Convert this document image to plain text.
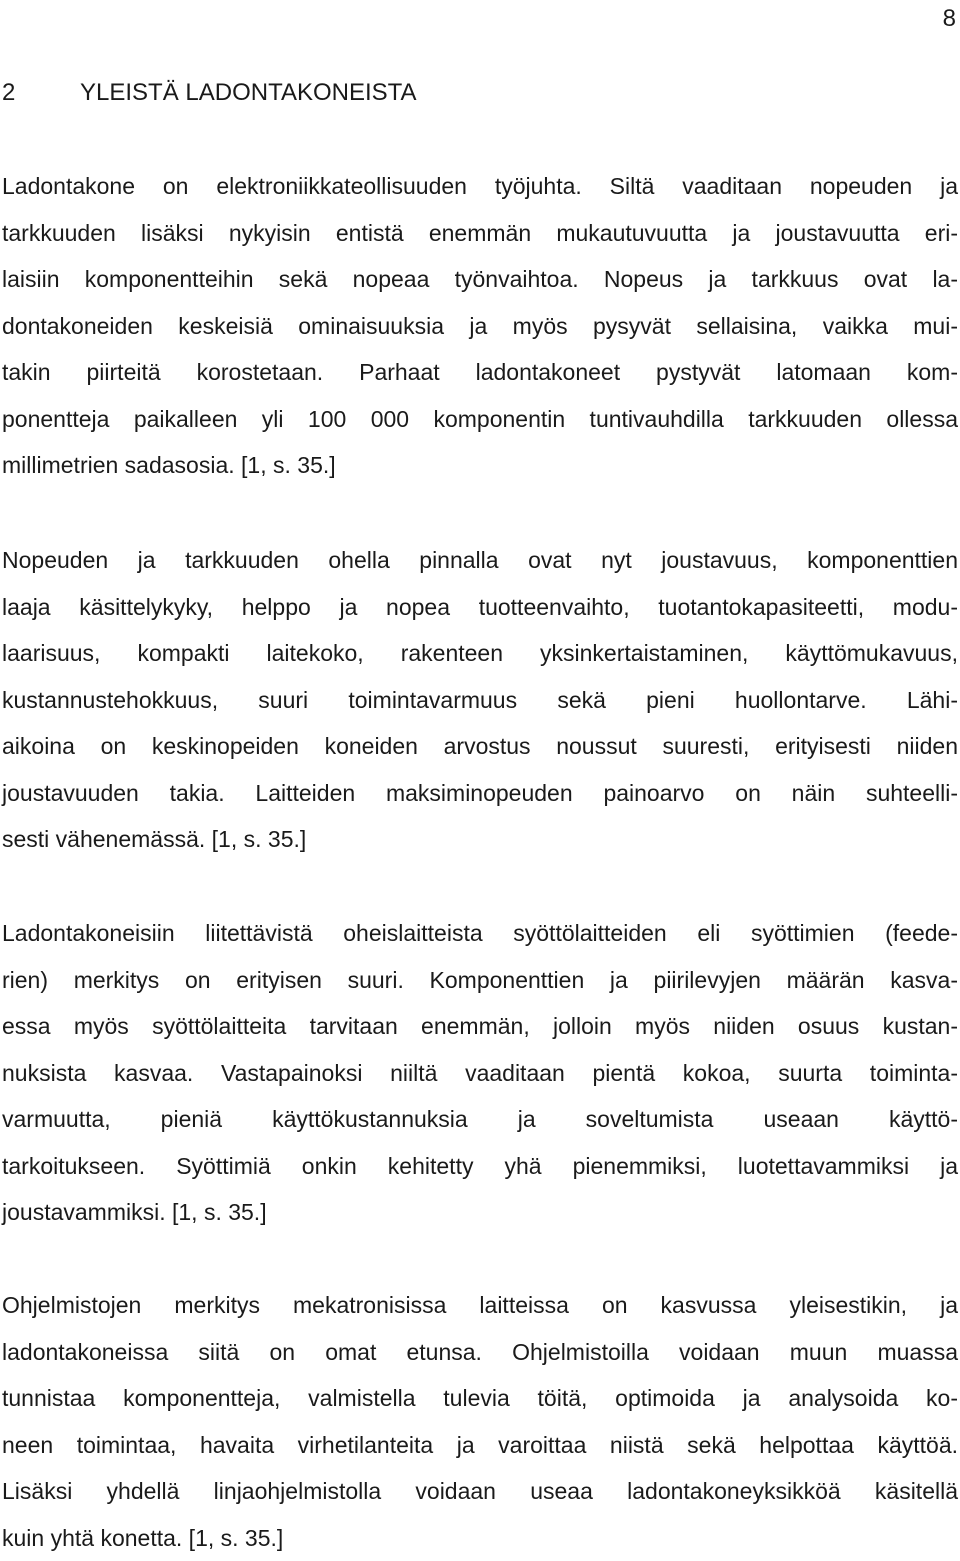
8
2	YLEISTÄ LADONTAKONEISTA
Ladontakone on elektroniikkateollisuuden työjuhta. Siltä vaaditaan nopeuden ja
tarkkuuden lisäksi nykyisin entistä enemmän mukautuvuutta ja joustavuutta eri-
laisiin komponentteihin sekä nopeaa työnvaihtoa. Nopeus ja tarkkuus ovat la-
dontakoneiden keskeisiä ominaisuuksia ja myös pysyvät sellaisina, vaikka mui-
takin piirteitä korostetaan. Parhaat ladontakoneet pystyvät latomaan kom-
ponentteja paikalleen yli 100 000 komponentin tuntivauhdilla tarkkuuden ollessa
millimetrien sadasosia. [1, s. 35.]
Nopeuden ja tarkkuuden ohella pinnalla ovat nyt joustavuus, komponenttien
laaja käsittelykyky, helppo ja nopea tuotteenvaihto, tuotantokapasiteetti, modu-
laarisuus, kompakti laitekoko, rakenteen yksinkertaistaminen, käyttömukavuus,
kustannustehokkuus, suuri toimintavarmuus sekä pieni huollontarve. Lähi-
aikoina on keskinopeiden koneiden arvostus noussut suuresti, erityisesti niiden
joustavuuden takia. Laitteiden maksiminopeuden painoarvo on näin suhteelli-
sesti vähenemässä. [1, s. 35.]
Ladontakoneisiin liitettävistä oheislaitteista syöttölaitteiden eli syöttimien (feede-
rien) merkitys on erityisen suuri. Komponenttien ja piirilevyjen määrän kasva-
essa myös syöttölaitteita tarvitaan enemmän, jolloin myös niiden osuus kustan-
nuksista kasvaa. Vastapainoksi niiltä vaaditaan pientä kokoa, suurta toiminta-
varmuutta, pieniä käyttökustannuksia ja soveltumista useaan käyttö-
tarkoitukseen. Syöttimiä onkin kehitetty yhä pienemmiksi, luotettavammiksi ja
joustavammiksi. [1, s. 35.]
Ohjelmistojen merkitys mekatronisissa laitteissa on kasvussa yleisestikin, ja
ladontakoneissa siitä on omat etunsa. Ohjelmistoilla voidaan muun muassa
tunnistaa komponentteja, valmistella tulevia töitä, optimoida ja analysoida ko-
neen toimintaa, havaita virhetilanteita ja varoittaa niistä sekä helpottaa käyttöä.
Lisäksi yhdellä linjaohjelmistolla voidaan useaa ladontakoneyksikköä käsitellä
kuin yhtä konetta. [1, s. 35.]
